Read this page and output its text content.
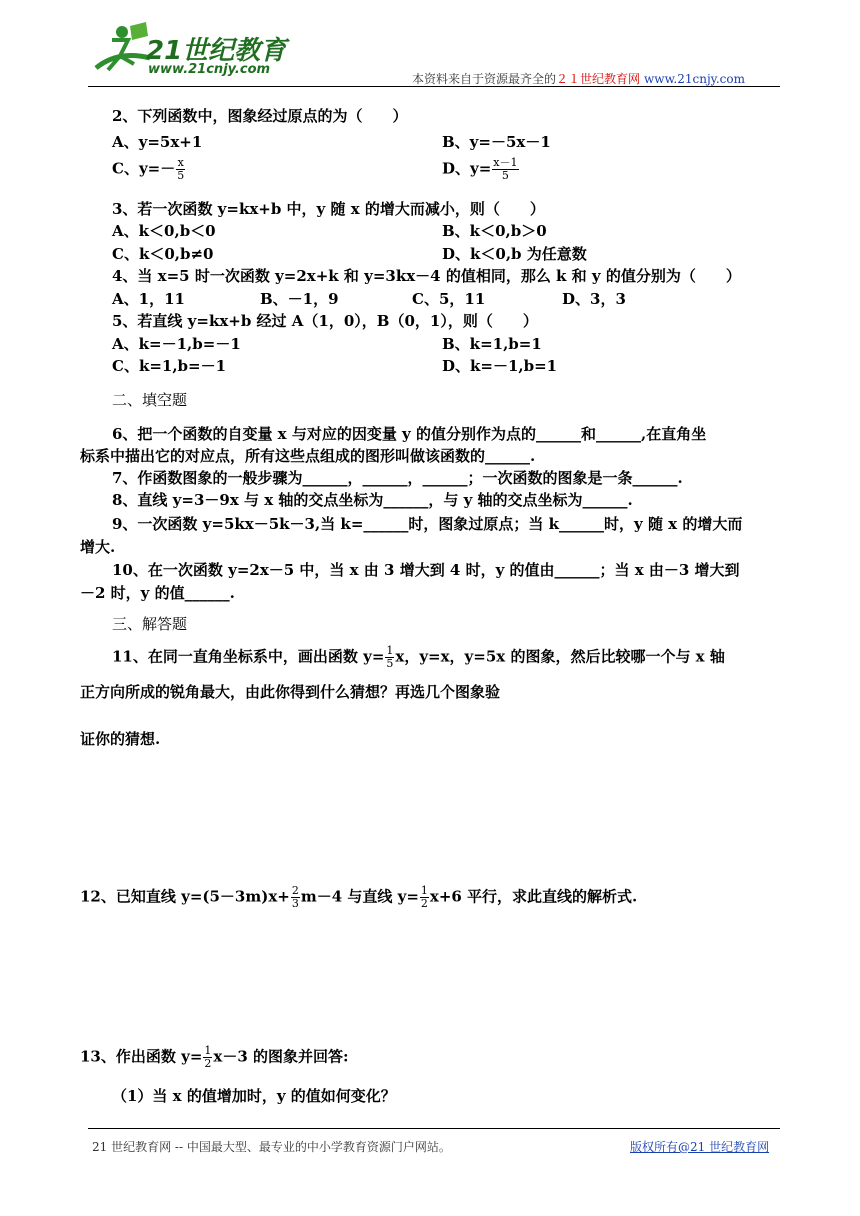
21世纪教育
www.21cnjy.com
本资料来自于资源最齐全的２１世纪教育网 www.21cnjy.com
2、下列函数中，图象经过原点的为（　　）
A、y=5x+1	B、y=－5x－1
C、$y=- \frac{x}{5}$	D、$y= \frac{x-1}{5}$
3、若一次函数 y=kx+b 中，y 随 x 的增大而减小，则（　　）
A、k＜0,b＜0	B、k＜0,b＞0
C、k＜0,b≠0	D、k＜0,b 为任意数
4、当 x=5 时一次函数 y=2x+k 和 y=3kx－4 的值相同，那么 k 和 y 的值分别为（　　）
A、1，11	B、－1，9	C、5，11	D、3，3
5、若直线 y=kx+b 经过 A（1，0），B（0，1），则（　　）
A、k=－1,b=－1	B、k=1,b=1
C、k=1,b=－1	D、k=－1,b=1
二、填空题
6、把一个函数的自变量 x 与对应的因变量 y 的值分别作为点的______和______,在直角坐
标系中描出它的对应点，所有这些点组成的图形叫做该函数的______.
7、作函数图象的一般步骤为______，______，______；一次函数的图象是一条______.
8、直线 y=3－9x 与 x 轴的交点坐标为______，与 y 轴的交点坐标为______.
9、一次函数 y=5kx－5k－3,当 k=______时，图象过原点；当 k______时，y 随 x 的增大而
增大.
10、在一次函数 y=2x－5 中，当 x 由 3 增大到 4 时，y 的值由______；当 x 由－3 增大到
－2 时，y 的值______.
三、解答题
11、在同一直角坐标系中，画出函数 $y= \frac{1}{5}$ x，y=x，y=5x 的图象，然后比较哪一个与 x 轴
正方向所成的锐角最大，由此你得到什么猜想？再选几个图象验
证你的猜想.
12、已知直线 $y=(5-3m)x+ \frac{2}{3} m-4$ 与直线 $y= \frac{1}{2} x+6$ 平行，求此直线的解析式.
13、作出函数 $y= \frac{1}{2} x-3$ 的图象并回答:
（1）当 x 的值增加时，y 的值如何变化？
21 世纪教育网 -- 中国最大型、最专业的中小学教育资源门户网站。	版权所有@21 世纪教育网
